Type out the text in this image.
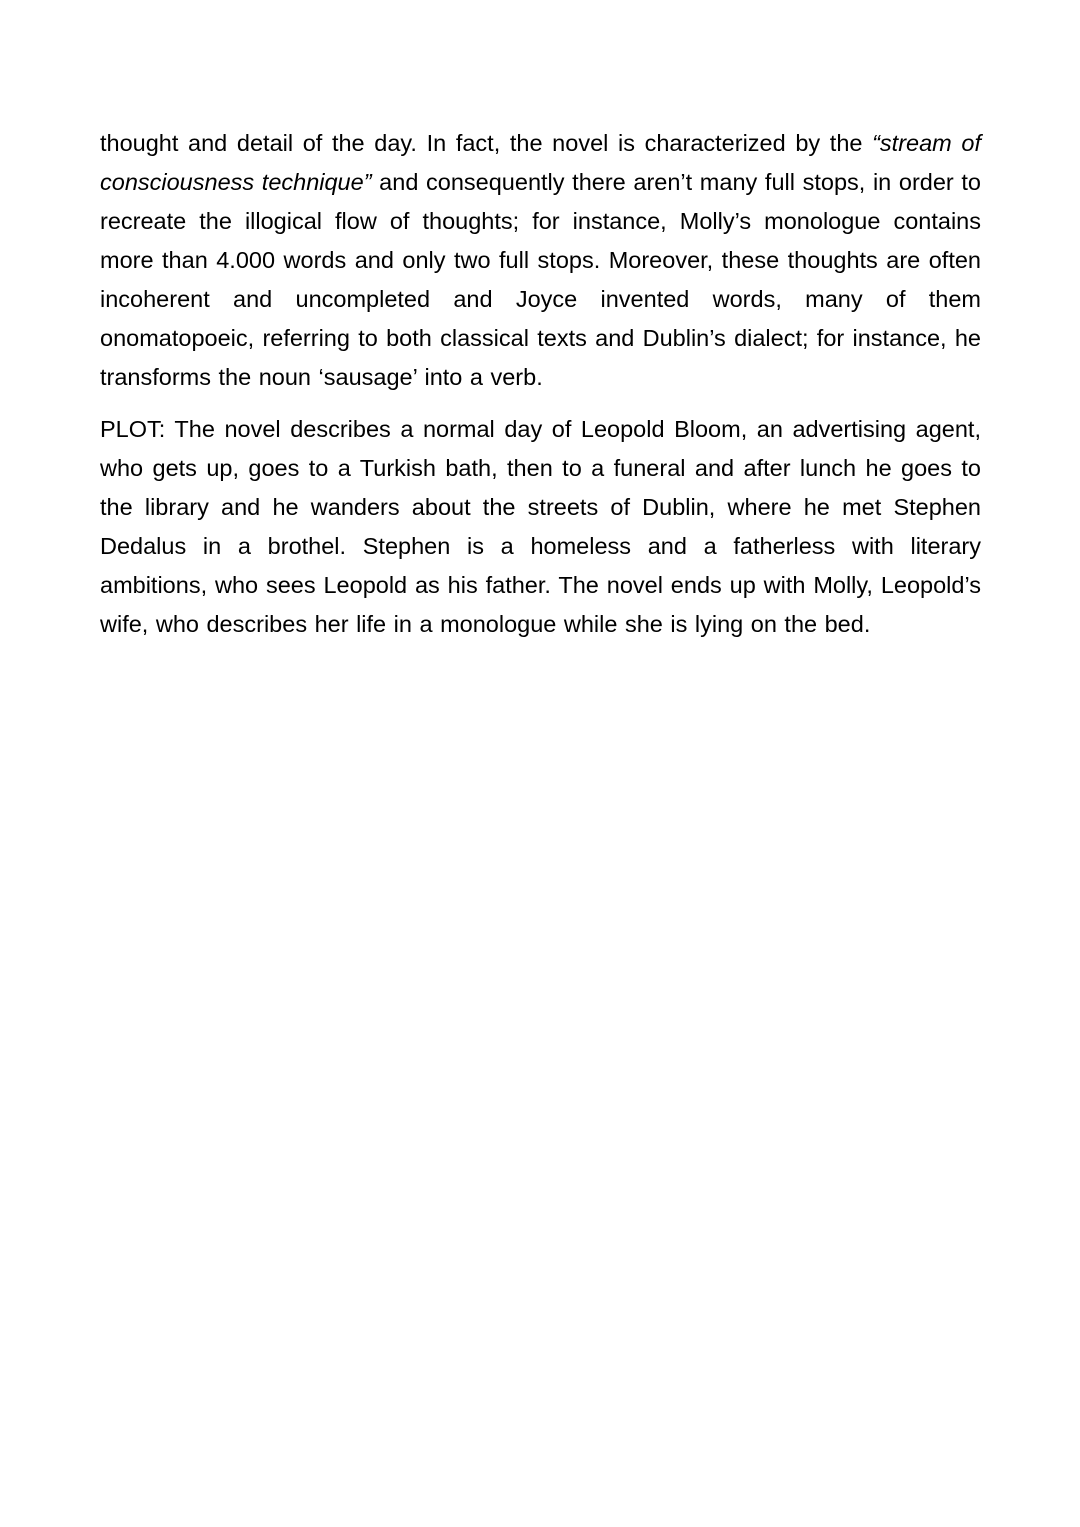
thought and detail of the day. In fact, the novel is characterized by the “stream of consciousness technique” and consequently there aren’t many full stops, in order to recreate the illogical flow of thoughts; for instance, Molly’s monologue contains more than 4.000 words and only two full stops. Moreover, these thoughts are often incoherent and uncompleted and Joyce invented words, many of them onomatopoeic, referring to both classical texts and Dublin’s dialect; for instance, he transforms the noun ‘sausage’ into a verb.

PLOT: The novel describes a normal day of Leopold Bloom, an advertising agent, who gets up, goes to a Turkish bath, then to a funeral and after lunch he goes to the library and he wanders about the streets of Dublin, where he met Stephen Dedalus in a brothel. Stephen is a homeless and a fatherless with literary ambitions, who sees Leopold as his father. The novel ends up with Molly, Leopold’s wife, who describes her life in a monologue while she is lying on the bed.
